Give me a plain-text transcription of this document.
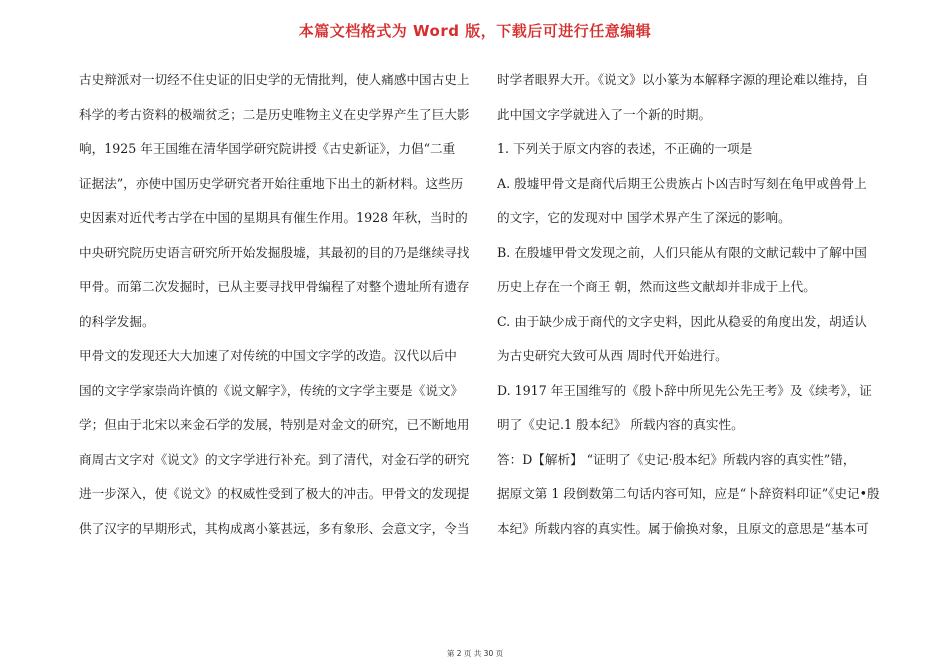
本篇文档格式为 Word 版，下载后可进行任意编辑
古史辩派对一切经不住史证的旧史学的无情批判，使人痛感中国古史上
科学的考古资料的极端贫乏；二是历史唯物主义在史学界产生了巨大影
响，1925 年王国维在清华国学研究院讲授《古史新证》，力倡“二重
证据法”，亦使中国历史学研究者开始往重地下出土的新材料。这些历
史因素对近代考古学在中国的星期具有催生作用。1928 年秋，当时的
中央研究院历史语言研究所开始发掘殷墟，其最初的目的乃是继续寻找
甲骨。而第二次发掘时，已从主要寻找甲骨编程了对整个遗址所有遗存
的科学发掘。
甲骨文的发现还大大加速了对传统的中国文字学的改造。汉代以后中
国的文字学家崇尚许慎的《说文解字》，传统的文字学主要是《说文》
学；但由于北宋以来金石学的发展，特别是对金文的研究，已不断地用
商周古文字对《说文》的文字学进行补充。到了清代，对金石学的研究
进一步深入，使《说文》的权威性受到了极大的冲击。甲骨文的发现提
供了汉字的早期形式，其构成离小篆甚远，多有象形、会意文字，令当
时学者眼界大开。《说文》以小篆为本解释字源的理论难以维持，自
此中国文字学就进入了一个新的时期。
1. 下列关于原文内容的表述，不正确的一项是
A. 殷墟甲骨文是商代后期王公贵族占卜凶吉时写刻在龟甲或兽骨上
的文字，它的发现对中 国学术界产生了深远的影响。
B. 在殷墟甲骨文发现之前，人们只能从有限的文献记载中了解中国
历史上存在一个商王 朝，然而这些文献却并非成于上代。
C. 由于缺少成于商代的文字史料，因此从稳妥的角度出发，胡适认
为古史研究大致可从西 周时代开始进行。
D. 1917 年王国维写的《殷卜辞中所见先公先王考》及《续考》，证
明了《史记.1 殷本纪》 所载内容的真实性。
答：D【解析】 “证明了《史记·殷本纪》所载内容的真实性”错，
据原文第 1 段倒数第二句话内容可知，应是“卜辞资料印证”《史记•殷
本纪》所载内容的真实性。属于偷换对象，且原文的意思是“基本可
第 2 页 共 30 页
